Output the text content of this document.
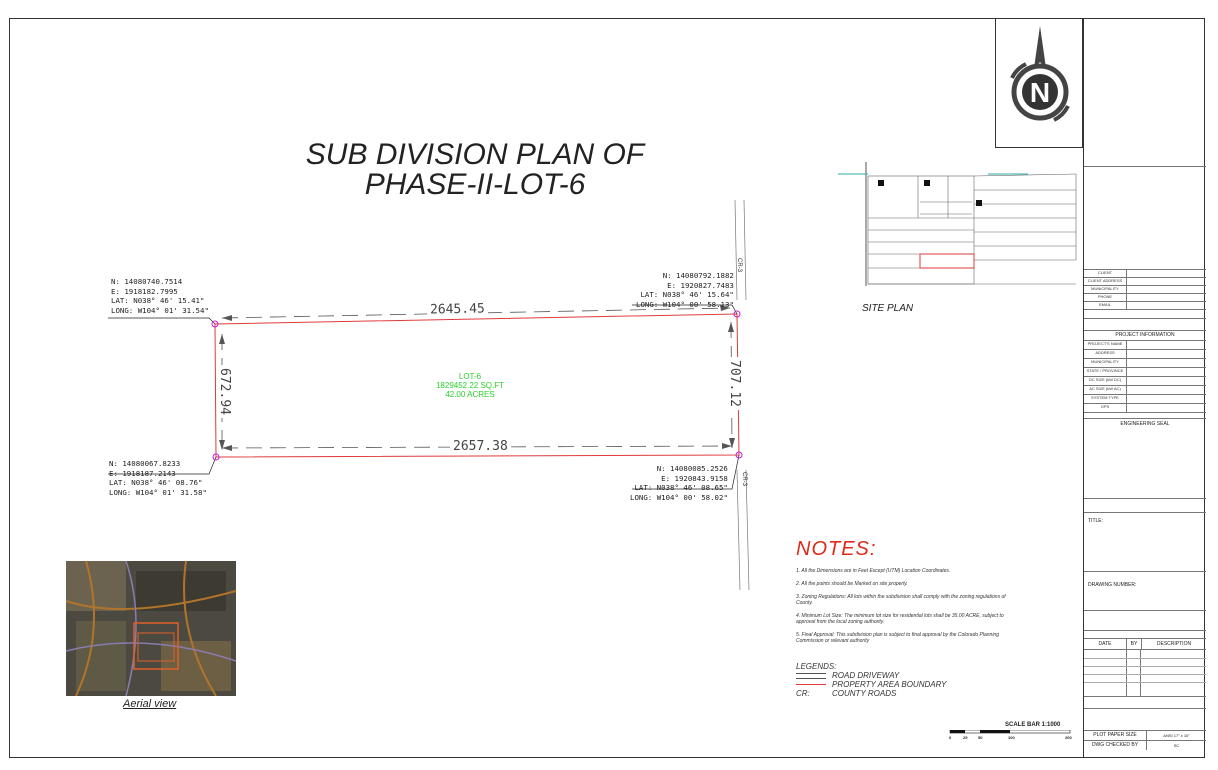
SUB DIVISION PLAN OF
PHASE-II-LOT-6
N: 14080740.7514
E: 1918182.7995
LAT: N038° 46' 15.41"
LONG: W104° 01' 31.54"
N: 14080792.1882
E: 1920827.7483
LAT: N038° 46' 15.64"
LONG: W104° 00' 58.13"
N: 14080067.8233
E: 1918187.2143
LAT: N038° 46' 08.76"
LONG: W104° 01' 31.58"
N: 14080085.2526
E: 1920843.9158
LAT: N038° 46' 08.65"
LONG: W104° 00' 58.02"
2645.45
2657.38
672.94	707.12
LOT-6
1829452.22 SQ.FT
42.00 ACRES
CR-3
CR-3
SITE PLAN
Aerial view
NOTES:
1. All the Dimensions are in Feet Except (UTM) Location Coordinates.
2. All the points should be Marked on site properly.
3. Zoning Regulations: All lots within the subdivision shall comply with the zoning regulations of County.
4. Minimum Lot Size: The minimum lot size for residential lots shall be 35.00 ACRE, subject to approval from the local zoning authority.
5. Final Approval: This subdivision plan is subject to final approval by the Colorado Planning Commission or relevant authority
LEGENDS:
ROAD DRIVEWAY
PROPERTY AREA BOUNDARY
CR:	COUNTY ROADS
SCALE BAR 1:1000
0	25	50	100	200
N
CLIENT
CLIENT ADDRESS
MUNICIPALITY
PHONE
EMAIL
PROJECT INFORMATION
PROJECT'S NAME
ADDRESS
MUNICIPALITY
STATE / PROVINCE
DC SIZE (kW DC)
AC SIZE (kW AC)
SYSTEM TYPE
GPS
ENGINEERING SEAL
TITLE:
DRAWING NUMBER:
DATE	BY	DESCRIPTION
PLOT PAPER SIZE	ANSI 17" x 10"
DWG CHECKED BY	SC
